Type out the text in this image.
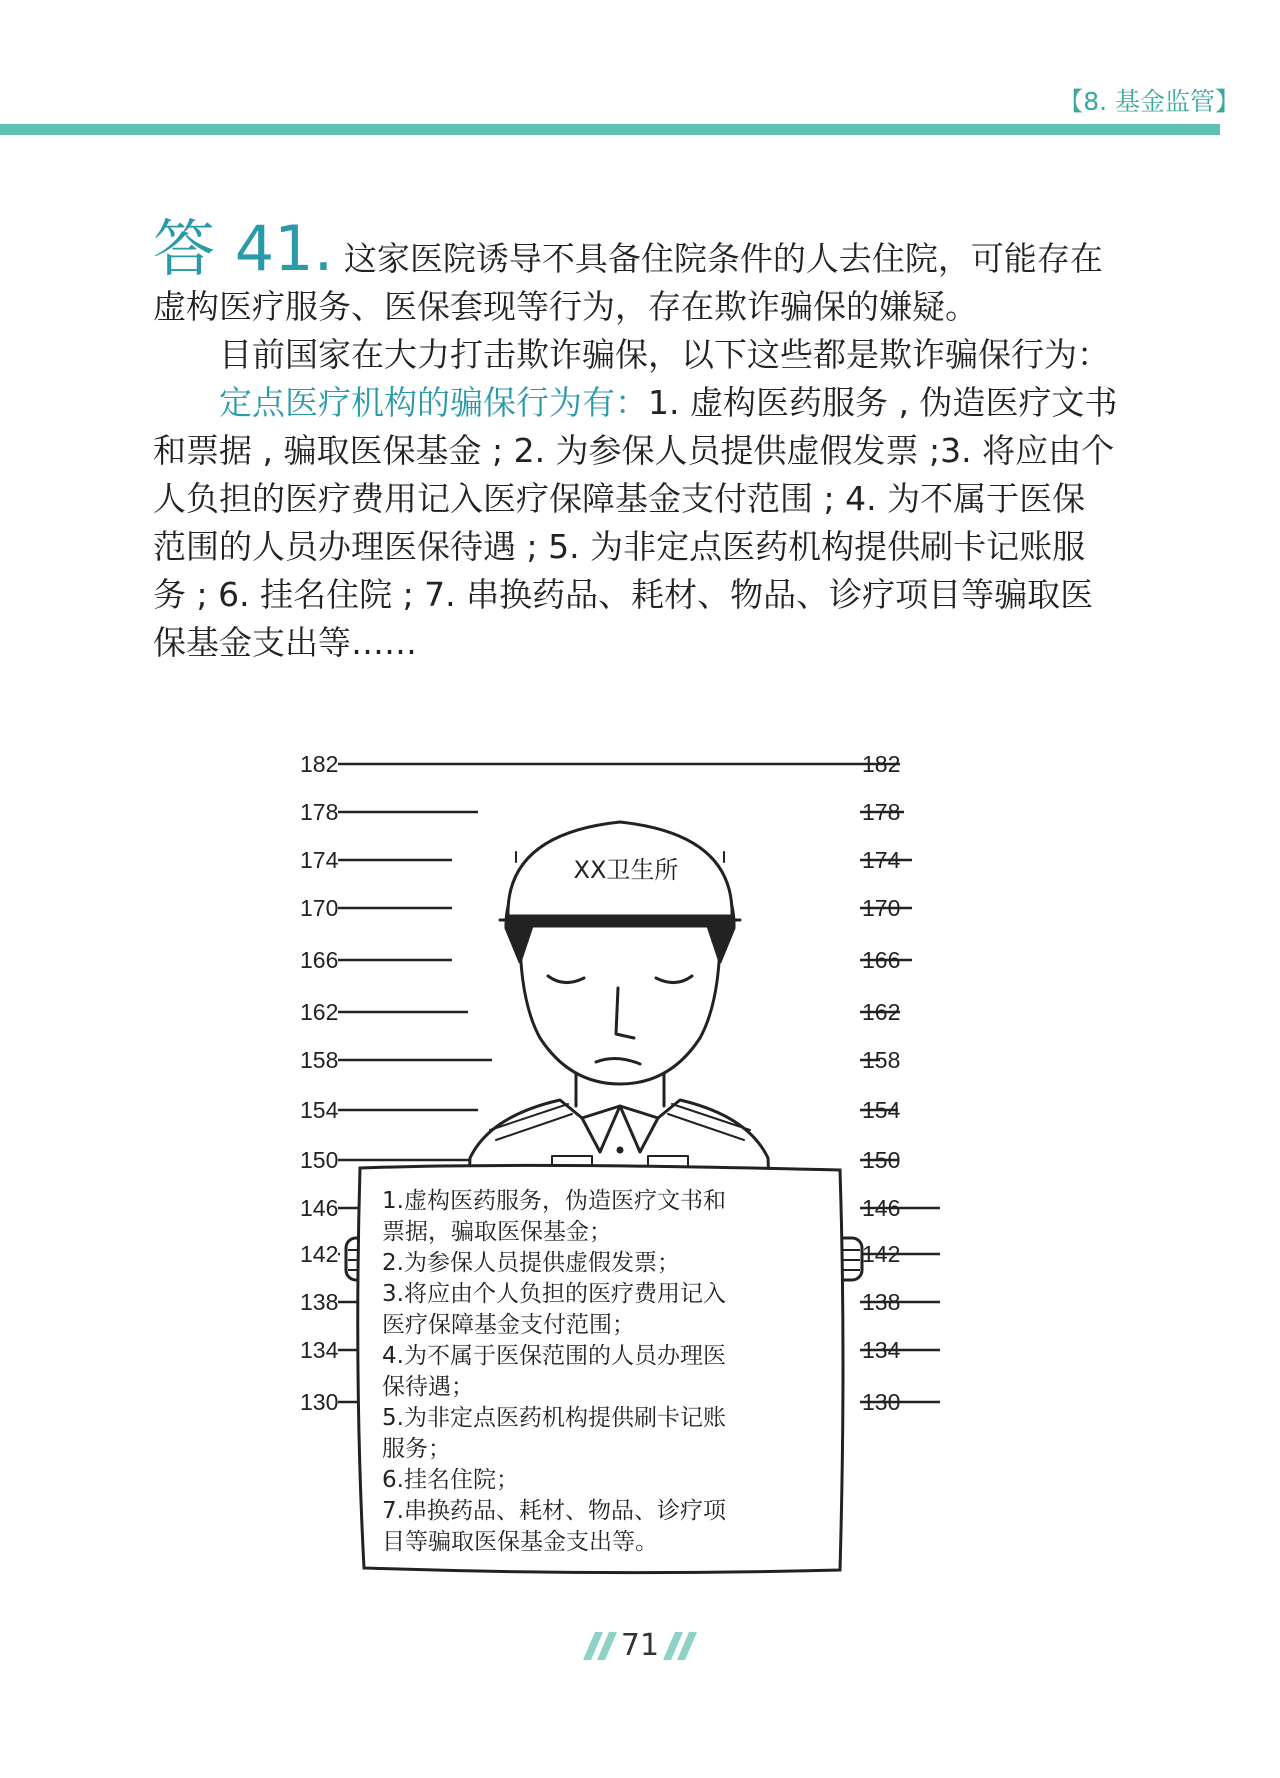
【8. 基金监管】

答 41. 这家医院诱导不具备住院条件的人去住院，可能存在虚构医疗服务、医保套现等行为，存在欺诈骗保的嫌疑。

目前国家在大力打击欺诈骗保，以下这些都是欺诈骗保行为：

定点医疗机构的骗保行为有：1. 虚构医药服务 , 伪造医疗文书和票据 , 骗取医保基金 ; 2. 为参保人员提供虚假发票 ;3. 将应由个人负担的医疗费用记入医疗保障基金支付范围 ; 4. 为不属于医保范围的人员办理医保待遇 ; 5. 为非定点医药机构提供刷卡记账服务 ; 6. 挂名住院 ; 7. 串换药品、耗材、物品、诊疗项目等骗取医保基金支出等……

182	182
178	178
174	174
170	170
166	166
162	162
158	158
154	154
150	150
146	146
142	142
138	138
134	134
130	130
XX卫生所
1.虚构医药服务，伪造医疗文书和
票据，骗取医保基金；
2.为参保人员提供虚假发票；
3.将应由个人负担的医疗费用记入
医疗保障基金支付范围；
4.为不属于医保范围的人员办理医
保待遇；
5.为非定点医药机构提供刷卡记账
服务；
6.挂名住院；
7.串换药品、耗材、物品、诊疗项
目等骗取医保基金支出等。
71
